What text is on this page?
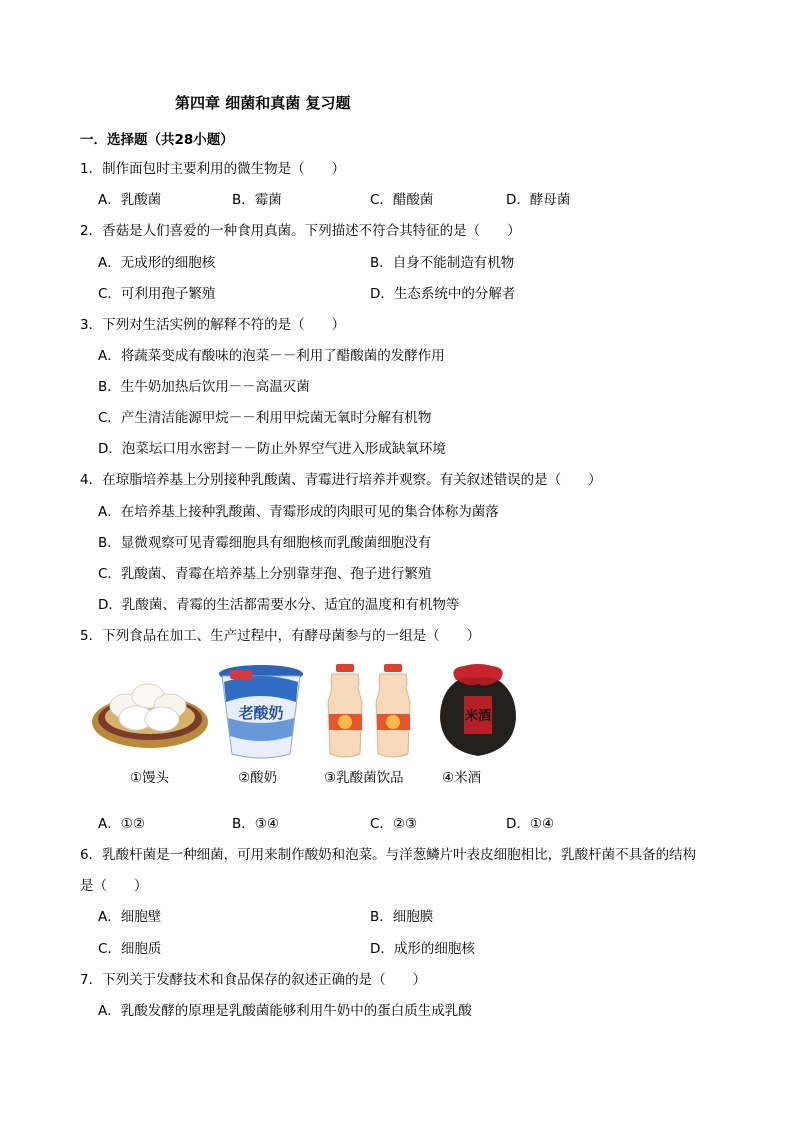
第四章 细菌和真菌 复习题
一．选择题（共28小题）
1．制作面包时主要利用的微生物是（　　）
A．乳酸菌	B．霉菌	C．醋酸菌	D．酵母菌
2．香菇是人们喜爱的一种食用真菌。下列描述不符合其特征的是（　　）
A．无成形的细胞核	B．自身不能制造有机物
C．可利用孢子繁殖	D．生态系统中的分解者
3．下列对生活实例的解释不符的是（　　）
A．将蔬菜变成有酸味的泡菜－－利用了醋酸菌的发酵作用
B．生牛奶加热后饮用－－高温灭菌
C．产生清洁能源甲烷－－利用甲烷菌无氧时分解有机物
D．泡菜坛口用水密封－－防止外界空气进入形成缺氧环境
4．在琼脂培养基上分别接种乳酸菌、青霉进行培养并观察。有关叙述错误的是（　　）
A．在培养基上接种乳酸菌、青霉形成的肉眼可见的集合体称为菌落
B．显微观察可见青霉细胞具有细胞核而乳酸菌细胞没有
C．乳酸菌、青霉在培养基上分别靠芽孢、孢子进行繁殖
D．乳酸菌、青霉的生活都需要水分、适宜的温度和有机物等
5．下列食品在加工、生产过程中，有酵母菌参与的一组是（　　）
老酸奶	米酒
①馒头	②酸奶	③乳酸菌饮品	④米酒
A．①②	B．③④	C．②③	D．①④
6．乳酸杆菌是一种细菌，可用来制作酸奶和泡菜。与洋葱鳞片叶表皮细胞相比，乳酸杆菌不具备的结构
是（　　）
A．细胞壁	B．细胞膜
C．细胞质	D．成形的细胞核
7．下列关于发酵技术和食品保存的叙述正确的是（　　）
A．乳酸发酵的原理是乳酸菌能够利用牛奶中的蛋白质生成乳酸
